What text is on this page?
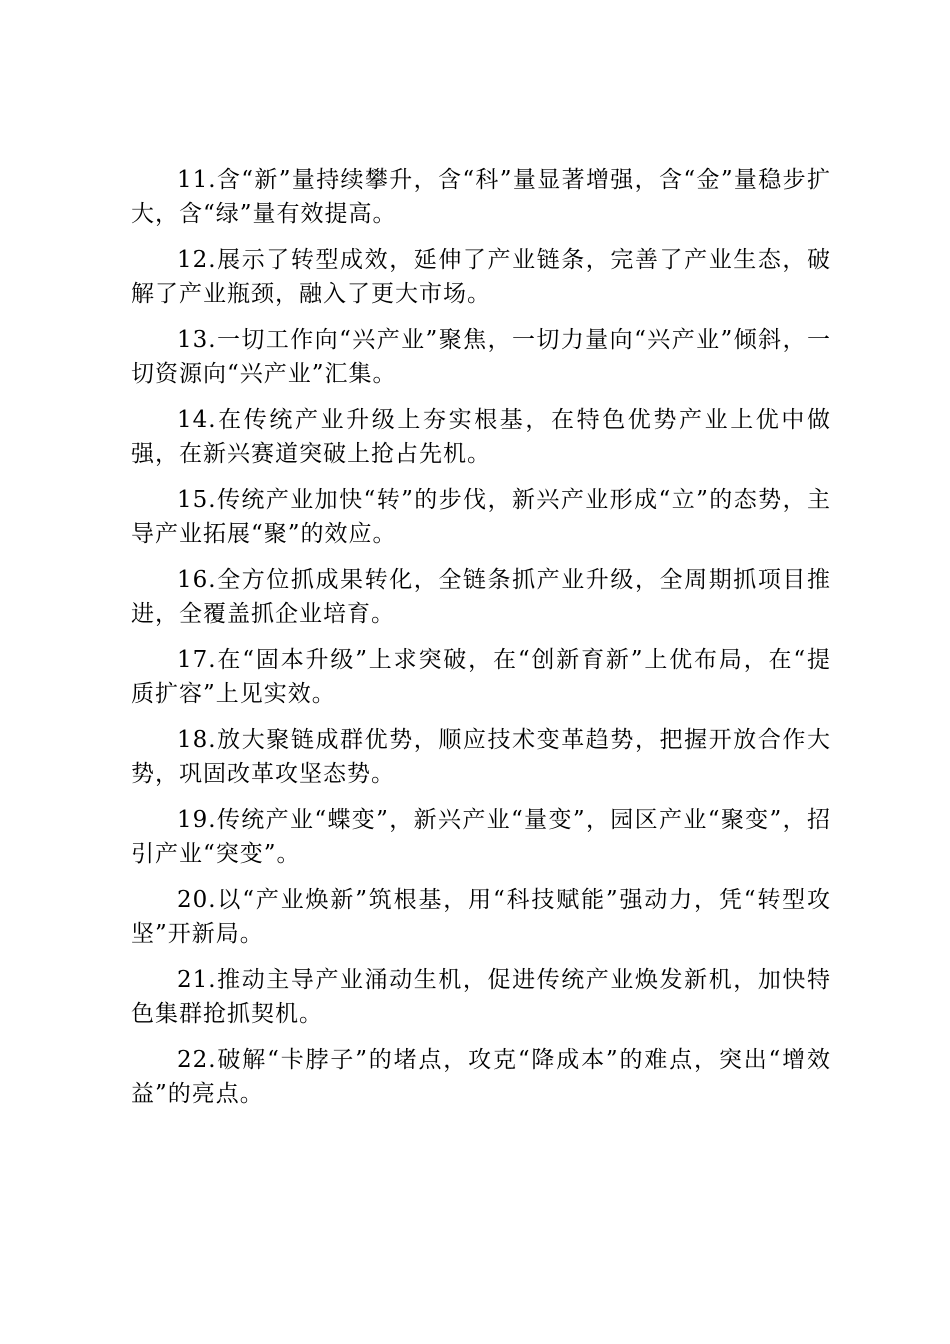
11.含“新”量持续攀升，含“科”量显著增强，含“金”量稳步扩大，含“绿”量有效提高。

12.展示了转型成效，延伸了产业链条，完善了产业生态，破解了产业瓶颈，融入了更大市场。

13.一切工作向“兴产业”聚焦，一切力量向“兴产业”倾斜，一切资源向“兴产业”汇集。

14.在传统产业升级上夯实根基，在特色优势产业上优中做强，在新兴赛道突破上抢占先机。

15.传统产业加快“转”的步伐，新兴产业形成“立”的态势，主导产业拓展“聚”的效应。

16.全方位抓成果转化，全链条抓产业升级，全周期抓项目推进，全覆盖抓企业培育。

17.在“固本升级”上求突破，在“创新育新”上优布局，在“提质扩容”上见实效。

18.放大聚链成群优势，顺应技术变革趋势，把握开放合作大势，巩固改革攻坚态势。

19.传统产业“蝶变”，新兴产业“量变”，园区产业“聚变”，招引产业“突变”。

20.以“产业焕新”筑根基，用“科技赋能”强动力，凭“转型攻坚”开新局。

21.推动主导产业涌动生机，促进传统产业焕发新机，加快特色集群抢抓契机。

22.破解“卡脖子”的堵点，攻克“降成本”的难点，突出“增效益”的亮点。
